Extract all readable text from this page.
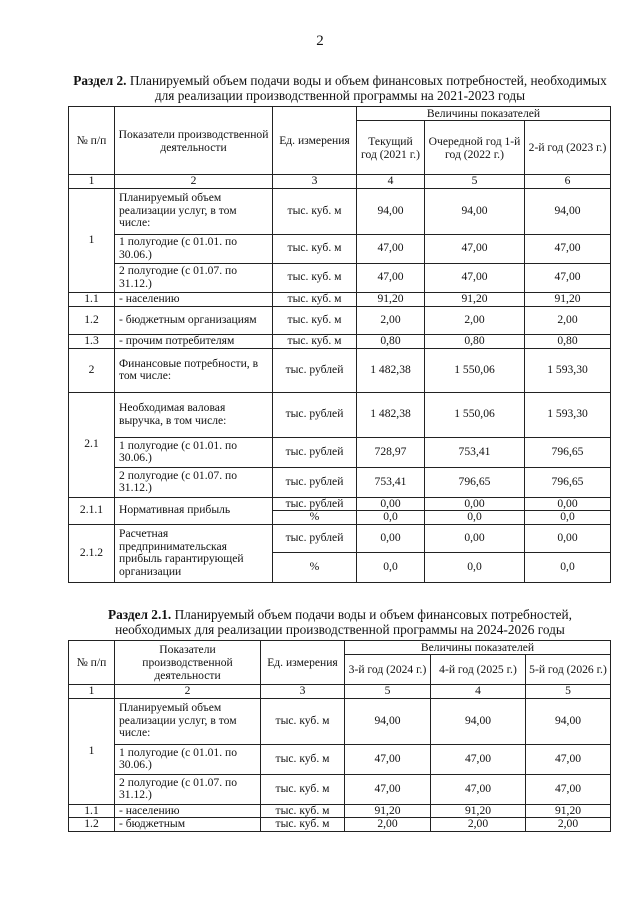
2
Раздел 2. Планируемый объем подачи воды и объем финансовых потребностей, необходимых для реализации производственной программы на 2021-2023 годы
№ п/п	Показатели производственной деятельности	Ед. измерения	Величины показателей		
			Текущий год (2021 г.)	Очередной год 1-й год (2022 г.)	2-й год (2023 г.)
1	2	3	4	5	6
1	Планируемый объем реализации услуг, в том числе:	тыс. куб. м	94,00	94,00	94,00
	1 полугодие (с 01.01. по 30.06.)	тыс. куб. м	47,00	47,00	47,00
	2 полугодие (с 01.07. по 31.12.)	тыс. куб. м	47,00	47,00	47,00
1.1	- населению	тыс. куб. м	91,20	91,20	91,20
1.2	- бюджетным организациям	тыс. куб. м	2,00	2,00	2,00
1.3	- прочим потребителям	тыс. куб. м	0,80	0,80	0,80
2	Финансовые потребности, в том числе:	тыс. рублей	1 482,38	1 550,06	1 593,30
2.1	Необходимая валовая выручка, в том числе:	тыс. рублей	1 482,38	1 550,06	1 593,30
	1 полугодие (с 01.01. по 30.06.)	тыс. рублей	728,97	753,41	796,65
	2 полугодие (с 01.07. по 31.12.)	тыс. рублей	753,41	796,65	796,65
2.1.1	Нормативная прибыль	тыс. рублей	0,00	0,00	0,00
		%	0,0	0,0	0,0
2.1.2	Расчетная предпринимательская прибыль гарантирующей организации	тыс. рублей	0,00	0,00	0,00
		%	0,0	0,0	0,0
Раздел 2.1. Планируемый объем подачи воды и объем финансовых потребностей, необходимых для реализации производственной программы на 2024-2026 годы
№ п/п	Показатели производственной деятельности	Ед. измерения	Величины показателей		
			3-й год (2024 г.)	4-й год (2025 г.)	5-й год (2026 г.)
1	2	3	5	4	5
1	Планируемый объем реализации услуг, в том числе:	тыс. куб. м	94,00	94,00	94,00
	1 полугодие (с 01.01. по 30.06.)	тыс. куб. м	47,00	47,00	47,00
	2 полугодие (с 01.07. по 31.12.)	тыс. куб. м	47,00	47,00	47,00
1.1	- населению	тыс. куб. м	91,20	91,20	91,20
1.2	- бюджетным	тыс. куб. м	2,00	2,00	2,00
